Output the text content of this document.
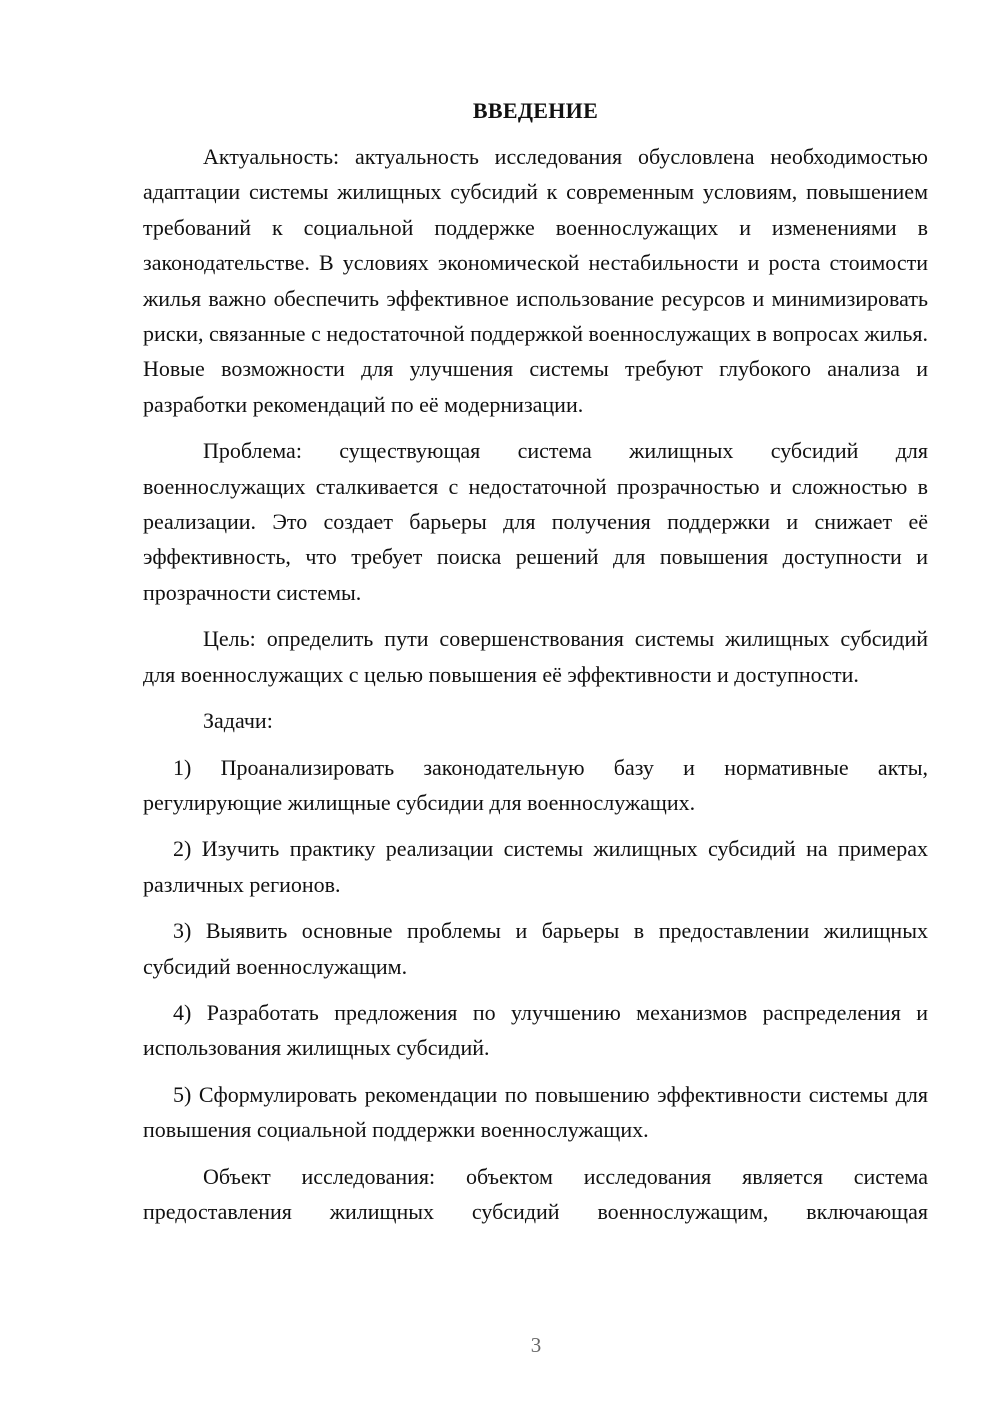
ВВЕДЕНИЕ

Актуальность: актуальность исследования обусловлена необходимостью адаптации системы жилищных субсидий к современным условиям, повышением требований к социальной поддержке военнослужащих и изменениями в законодательстве. В условиях экономической нестабильности и роста стоимости жилья важно обеспечить эффективное использование ресурсов и минимизировать риски, связанные с недостаточной поддержкой военнослужащих в вопросах жилья. Новые возможности для улучшения системы требуют глубокого анализа и разработки рекомендаций по её модернизации.

Проблема: существующая система жилищных субсидий для военнослужащих сталкивается с недостаточной прозрачностью и сложностью в реализации. Это создает барьеры для получения поддержки и снижает её эффективность, что требует поиска решений для повышения доступности и прозрачности системы.

Цель: определить пути совершенствования системы жилищных субсидий для военнослужащих с целью повышения её эффективности и доступности.

Задачи:

1) Проанализировать законодательную базу и нормативные акты, регулирующие жилищные субсидии для военнослужащих.

2) Изучить практику реализации системы жилищных субсидий на примерах различных регионов.

3) Выявить основные проблемы и барьеры в предоставлении жилищных субсидий военнослужащим.

4) Разработать предложения по улучшению механизмов распределения и использования жилищных субсидий.

5) Сформулировать рекомендации по повышению эффективности системы для повышения социальной поддержки военнослужащих.

Объект исследования: объектом исследования является система предоставления жилищных субсидий военнослужащим, включающая

3
